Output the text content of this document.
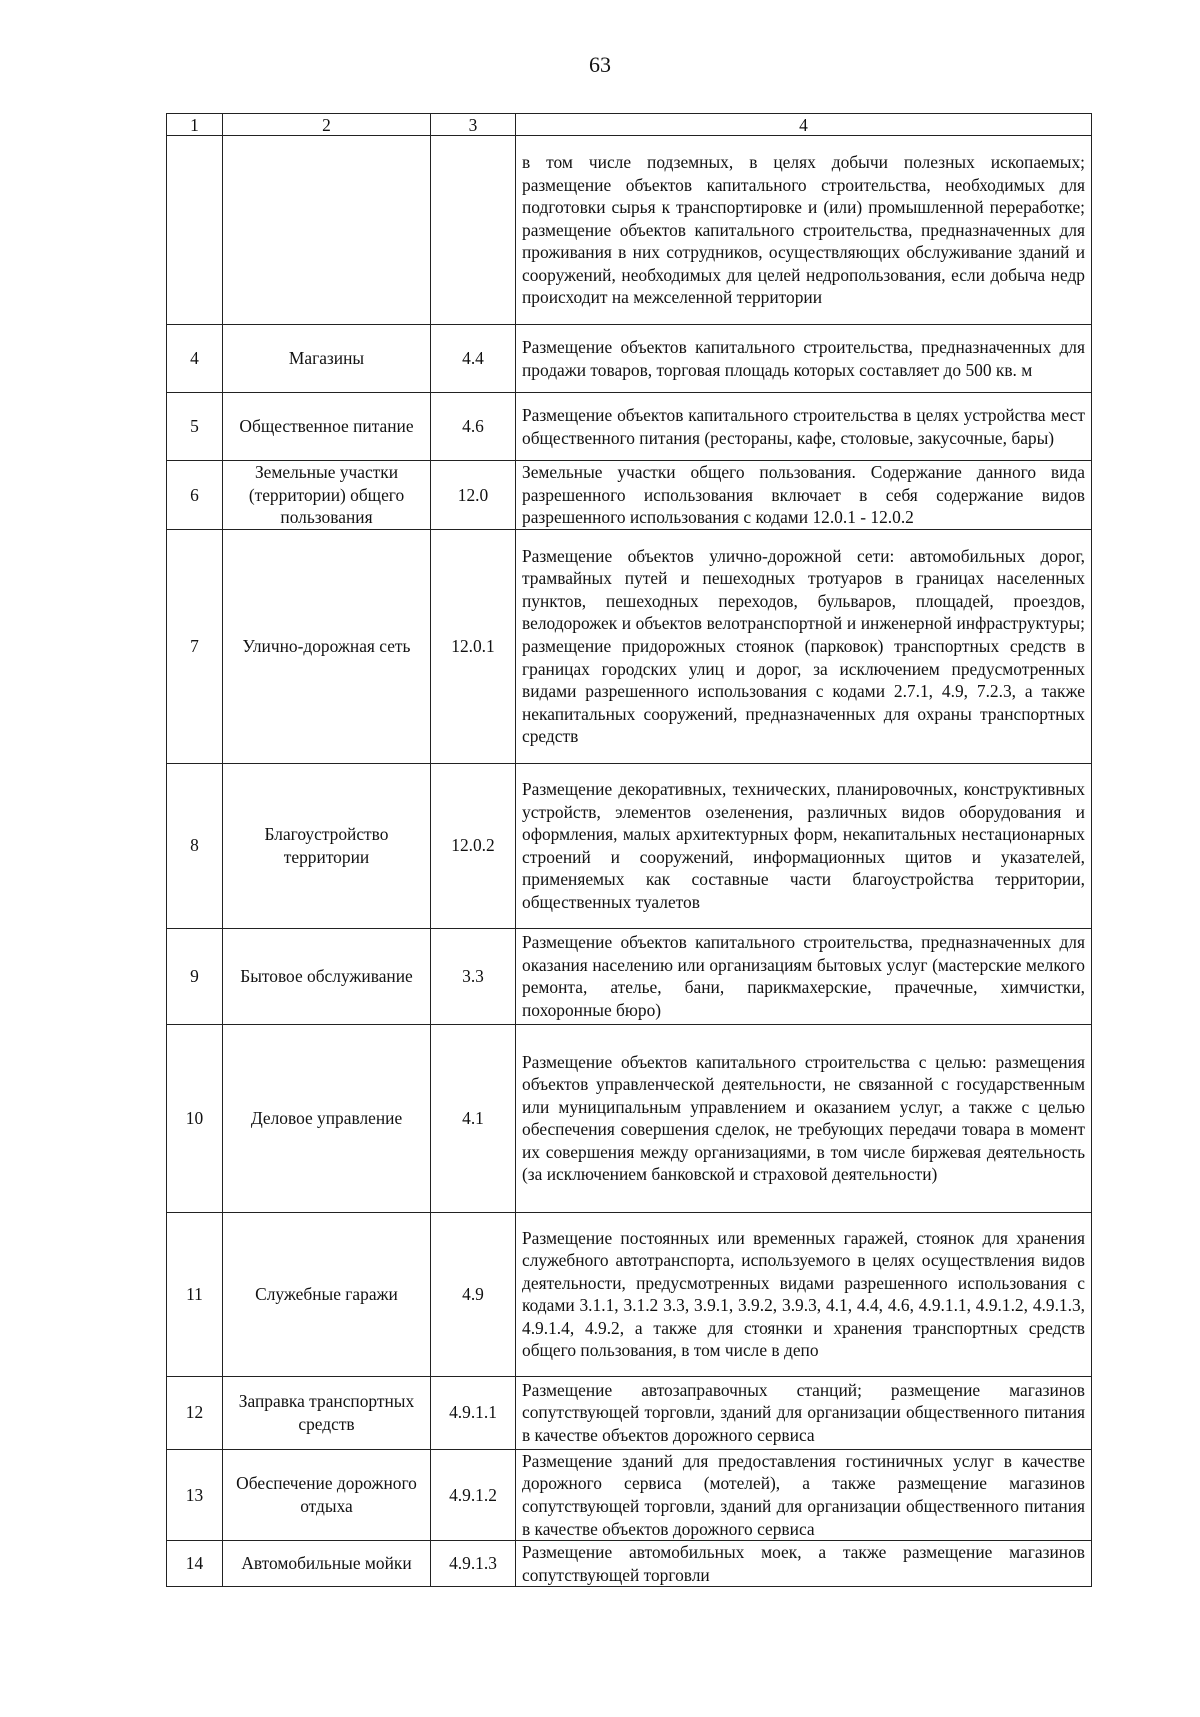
63
1	2	3	4
			в том числе подземных, в целях добычи полезных ископаемых; размещение объектов капитального строительства, необходимых для подготовки сырья к транспортировке и (или) промышленной переработке; размещение объектов капитального строительства, предназначенных для проживания в них сотрудников, осуществляющих обслуживание зданий и сооружений, необходимых для целей недропользования, если добыча недр происходит на межселенной территории
4	Магазины	4.4	Размещение объектов капитального строительства, предназначенных для продажи товаров, торговая площадь которых составляет до 500 кв. м
5	Общественное питание	4.6	Размещение объектов капитального строительства в целях устройства мест общественного питания (рестораны, кафе, столовые, закусочные, бары)
6	Земельные участки (территории) общего пользования	12.0	Земельные участки общего пользования. Содержание данного вида разрешенного использования включает в себя содержание видов разрешенного использования с кодами 12.0.1 - 12.0.2
7	Улично-дорожная сеть	12.0.1	Размещение объектов улично-дорожной сети: автомобильных дорог, трамвайных путей и пешеходных тротуаров в границах населенных пунктов, пешеходных переходов, бульваров, площадей, проездов, велодорожек и объектов велотранспортной и инженерной инфраструктуры; размещение придорожных стоянок (парковок) транспортных средств в границах городских улиц и дорог, за исключением предусмотренных видами разрешенного использования с кодами 2.7.1, 4.9, 7.2.3, а также некапитальных сооружений, предназначенных для охраны транспортных средств
8	Благоустройство территории	12.0.2	Размещение декоративных, технических, планировочных, конструктивных устройств, элементов озеленения, различных видов оборудования и оформления, малых архитектурных форм, некапитальных нестационарных строений и сооружений, информационных щитов и указателей, применяемых как составные части благоустройства территории, общественных туалетов
9	Бытовое обслуживание	3.3	Размещение объектов капитального строительства, предназначенных для оказания населению или организациям бытовых услуг (мастерские мелкого ремонта, ателье, бани, парикмахерские, прачечные, химчистки, похоронные бюро)
10	Деловое управление	4.1	Размещение объектов капитального строительства с целью: размещения объектов управленческой деятельности, не связанной с государственным или муниципальным управлением и оказанием услуг, а также с целью обеспечения совершения сделок, не требующих передачи товара в момент их совершения между организациями, в том числе биржевая деятельность (за исключением банковской и страховой деятельности)
11	Служебные гаражи	4.9	Размещение постоянных или временных гаражей, стоянок для хранения служебного автотранспорта, используемого в целях осуществления видов деятельности, предусмотренных видами разрешенного использования с кодами 3.1.1, 3.1.2 3.3, 3.9.1, 3.9.2, 3.9.3, 4.1, 4.4, 4.6, 4.9.1.1, 4.9.1.2, 4.9.1.3, 4.9.1.4, 4.9.2, а также для стоянки и хранения транспортных средств общего пользования, в том числе в депо
12	Заправка транспортных средств	4.9.1.1	Размещение автозаправочных станций; размещение магазинов сопутствующей торговли, зданий для организации общественного питания в качестве объектов дорожного сервиса
13	Обеспечение дорожного отдыха	4.9.1.2	Размещение зданий для предоставления гостиничных услуг в качестве дорожного сервиса (мотелей), а также размещение магазинов сопутствующей торговли, зданий для организации общественного питания в качестве объектов дорожного сервиса
14	Автомобильные мойки	4.9.1.3	Размещение автомобильных моек, а также размещение магазинов сопутствующей торговли
